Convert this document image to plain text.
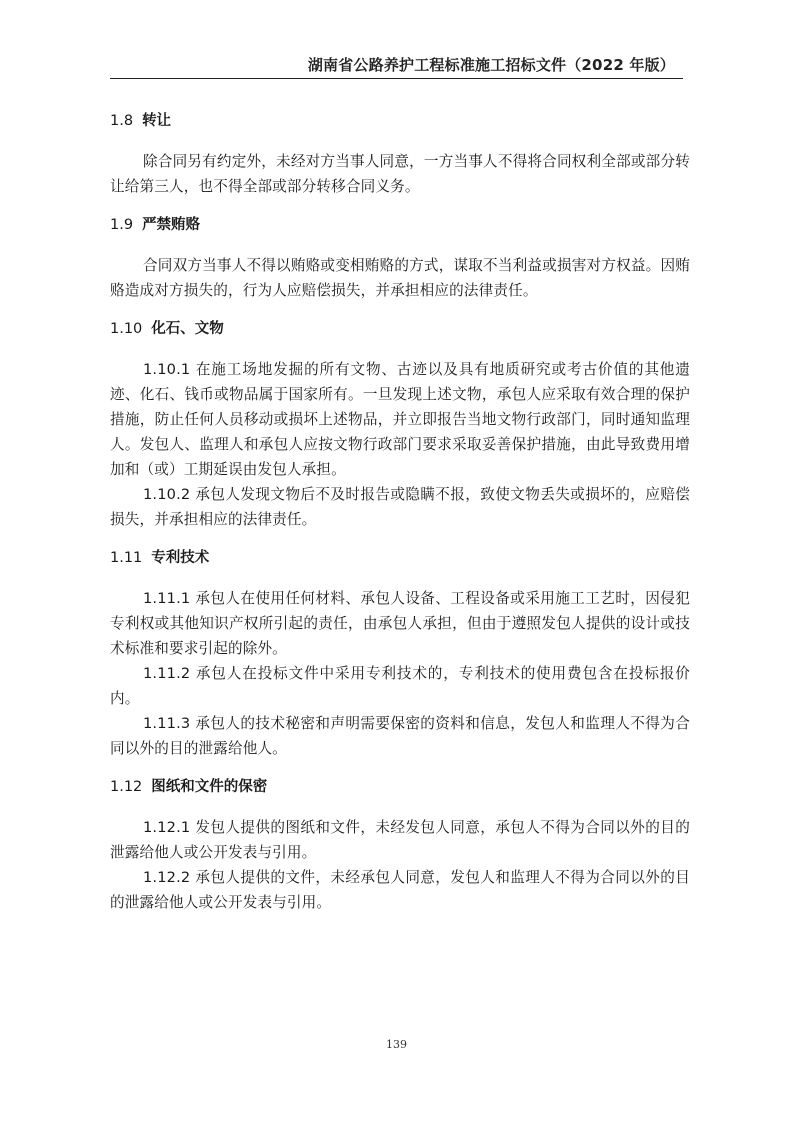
湖南省公路养护工程标准施工招标文件（2022 年版）
1.8 转让

除合同另有约定外，未经对方当事人同意，一方当事人不得将合同权利全部或部分转让给第三人，也不得全部或部分转移合同义务。

1.9 严禁贿赂

合同双方当事人不得以贿赂或变相贿赂的方式，谋取不当利益或损害对方权益。因贿赂造成对方损失的，行为人应赔偿损失，并承担相应的法律责任。

1.10 化石、文物

1.10.1 在施工场地发掘的所有文物、古迹以及具有地质研究或考古价值的其他遗迹、化石、钱币或物品属于国家所有。一旦发现上述文物，承包人应采取有效合理的保护措施，防止任何人员移动或损坏上述物品，并立即报告当地文物行政部门，同时通知监理人。发包人、监理人和承包人应按文物行政部门要求采取妥善保护措施，由此导致费用增加和（或）工期延误由发包人承担。

1.10.2 承包人发现文物后不及时报告或隐瞒不报，致使文物丢失或损坏的，应赔偿损失，并承担相应的法律责任。

1.11 专利技术

1.11.1 承包人在使用任何材料、承包人设备、工程设备或采用施工工艺时，因侵犯专利权或其他知识产权所引起的责任，由承包人承担，但由于遵照发包人提供的设计或技术标准和要求引起的除外。

1.11.2 承包人在投标文件中采用专利技术的，专利技术的使用费包含在投标报价内。

1.11.3 承包人的技术秘密和声明需要保密的资料和信息，发包人和监理人不得为合同以外的目的泄露给他人。

1.12 图纸和文件的保密

1.12.1 发包人提供的图纸和文件，未经发包人同意，承包人不得为合同以外的目的泄露给他人或公开发表与引用。

1.12.2 承包人提供的文件，未经承包人同意，发包人和监理人不得为合同以外的目的泄露给他人或公开发表与引用。

139
